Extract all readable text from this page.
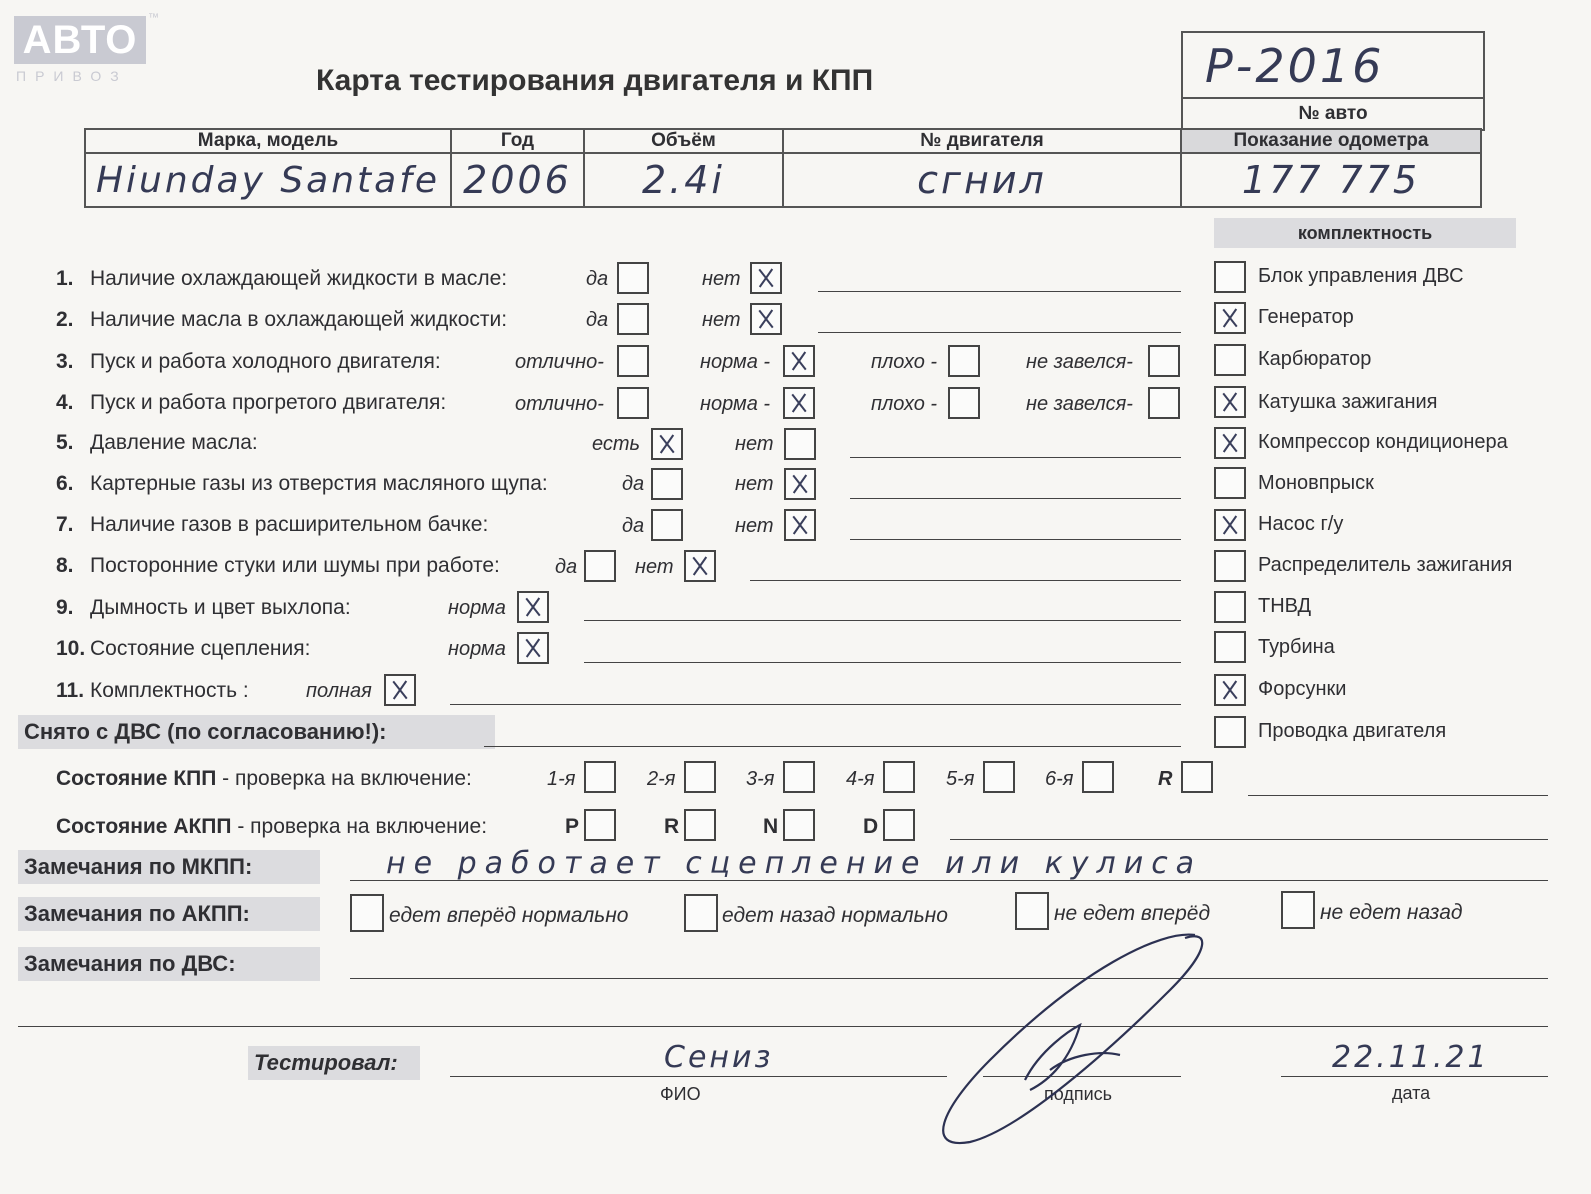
АВТО
ПРИВОЗ
™
Карта тестирования двигателя и КПП	Р-2016
№ авто
Марка, модель	Год	Объём	№ двигателя	Показание одометра
Hiunday Santafe	2006	2.4i	сгнил	177 775
комплектность
Блок управления ДВС
Генератор
Карбюратор
Катушка зажигания
Компрессор кондиционера
Моновпрыск
Насос г/у
Распределитель зажигания
ТНВД
Турбина
Форсунки
Проводка двигателя
1. Наличие охлаждающей жидкости в масле:	да	нет
2. Наличие масла в охлаждающей жидкости:	да	нет
3. Пуск и работа холодного двигателя:	отлично-	норма -	плохо -	не завелся-
4. Пуск и работа прогретого двигателя:	отлично-	норма -	плохо -	не завелся-
5. Давление масла:	есть	нет
6. Картерные газы из отверстия масляного щупа:	да	нет
7. Наличие газов в расширительном бачке:	да	нет
8. Посторонние стуки или шумы при работе:	да	нет
9. Дымность и цвет выхлопа:	норма
10. Состояние сцепления:	норма
11. Комплектность :	полная
Снято с ДВС (по согласованию!):
Состояние КПП - проверка на включение:	1-я	2-я	3-я	4-я	5-я	6-я	R
Состояние АКПП - проверка на включение:	P	R	N	D
Замечания по МКПП:	не работает сцепление или кулиса
Замечания по АКПП:	едет вперёд нормально	едет назад нормально	не едет вперёд	не едет назад
Замечания по ДВС:
Тестировал:	Сениз
ФИО	подпись
22.11.21
дата
